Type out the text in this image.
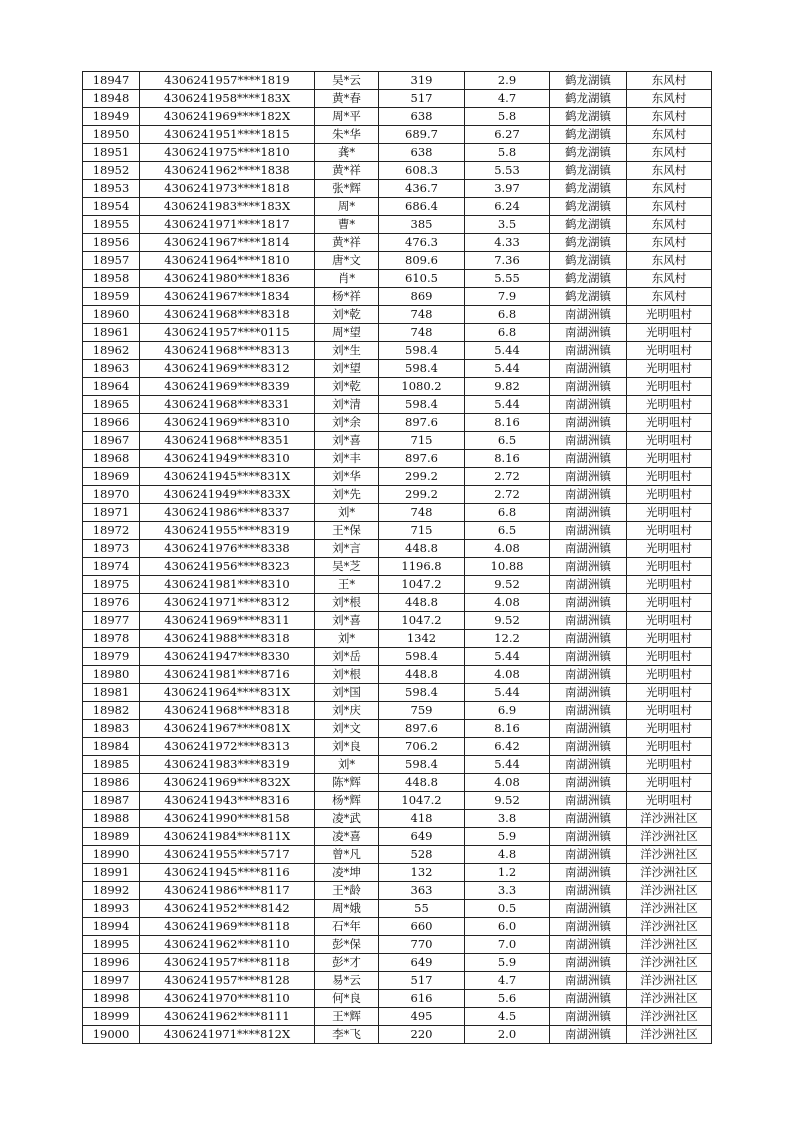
18947	4306241957****1819	吴*云	319	2.9	鹤龙湖镇	东风村
18948	4306241958****183X	黄*春	517	4.7	鹤龙湖镇	东风村
18949	4306241969****182X	周*平	638	5.8	鹤龙湖镇	东风村
18950	4306241951****1815	朱*华	689.7	6.27	鹤龙湖镇	东风村
18951	4306241975****1810	龚*	638	5.8	鹤龙湖镇	东风村
18952	4306241962****1838	黄*祥	608.3	5.53	鹤龙湖镇	东风村
18953	4306241973****1818	张*辉	436.7	3.97	鹤龙湖镇	东风村
18954	4306241983****183X	周*	686.4	6.24	鹤龙湖镇	东风村
18955	4306241971****1817	曹*	385	3.5	鹤龙湖镇	东风村
18956	4306241967****1814	黄*祥	476.3	4.33	鹤龙湖镇	东风村
18957	4306241964****1810	唐*文	809.6	7.36	鹤龙湖镇	东风村
18958	4306241980****1836	肖*	610.5	5.55	鹤龙湖镇	东风村
18959	4306241967****1834	杨*祥	869	7.9	鹤龙湖镇	东风村
18960	4306241968****8318	刘*乾	748	6.8	南湖洲镇	光明咀村
18961	4306241957****0115	周*望	748	6.8	南湖洲镇	光明咀村
18962	4306241968****8313	刘*生	598.4	5.44	南湖洲镇	光明咀村
18963	4306241969****8312	刘*望	598.4	5.44	南湖洲镇	光明咀村
18964	4306241969****8339	刘*乾	1080.2	9.82	南湖洲镇	光明咀村
18965	4306241968****8331	刘*清	598.4	5.44	南湖洲镇	光明咀村
18966	4306241969****8310	刘*余	897.6	8.16	南湖洲镇	光明咀村
18967	4306241968****8351	刘*喜	715	6.5	南湖洲镇	光明咀村
18968	4306241949****8310	刘*丰	897.6	8.16	南湖洲镇	光明咀村
18969	4306241945****831X	刘*华	299.2	2.72	南湖洲镇	光明咀村
18970	4306241949****833X	刘*先	299.2	2.72	南湖洲镇	光明咀村
18971	4306241986****8337	刘*	748	6.8	南湖洲镇	光明咀村
18972	4306241955****8319	王*保	715	6.5	南湖洲镇	光明咀村
18973	4306241976****8338	刘*言	448.8	4.08	南湖洲镇	光明咀村
18974	4306241956****8323	吴*芝	1196.8	10.88	南湖洲镇	光明咀村
18975	4306241981****8310	王*	1047.2	9.52	南湖洲镇	光明咀村
18976	4306241971****8312	刘*根	448.8	4.08	南湖洲镇	光明咀村
18977	4306241969****8311	刘*喜	1047.2	9.52	南湖洲镇	光明咀村
18978	4306241988****8318	刘*	1342	12.2	南湖洲镇	光明咀村
18979	4306241947****8330	刘*岳	598.4	5.44	南湖洲镇	光明咀村
18980	4306241981****8716	刘*根	448.8	4.08	南湖洲镇	光明咀村
18981	4306241964****831X	刘*国	598.4	5.44	南湖洲镇	光明咀村
18982	4306241968****8318	刘*庆	759	6.9	南湖洲镇	光明咀村
18983	4306241967****081X	刘*文	897.6	8.16	南湖洲镇	光明咀村
18984	4306241972****8313	刘*良	706.2	6.42	南湖洲镇	光明咀村
18985	4306241983****8319	刘*	598.4	5.44	南湖洲镇	光明咀村
18986	4306241969****832X	陈*辉	448.8	4.08	南湖洲镇	光明咀村
18987	4306241943****8316	杨*辉	1047.2	9.52	南湖洲镇	光明咀村
18988	4306241990****8158	凌*武	418	3.8	南湖洲镇	洋沙洲社区
18989	4306241984****811X	凌*喜	649	5.9	南湖洲镇	洋沙洲社区
18990	4306241955****5717	曾*凡	528	4.8	南湖洲镇	洋沙洲社区
18991	4306241945****8116	凌*坤	132	1.2	南湖洲镇	洋沙洲社区
18992	4306241986****8117	王*龄	363	3.3	南湖洲镇	洋沙洲社区
18993	4306241952****8142	周*娥	55	0.5	南湖洲镇	洋沙洲社区
18994	4306241969****8118	石*年	660	6.0	南湖洲镇	洋沙洲社区
18995	4306241962****8110	彭*保	770	7.0	南湖洲镇	洋沙洲社区
18996	4306241957****8118	彭*才	649	5.9	南湖洲镇	洋沙洲社区
18997	4306241957****8128	易*云	517	4.7	南湖洲镇	洋沙洲社区
18998	4306241970****8110	何*良	616	5.6	南湖洲镇	洋沙洲社区
18999	4306241962****8111	王*辉	495	4.5	南湖洲镇	洋沙洲社区
19000	4306241971****812X	李*飞	220	2.0	南湖洲镇	洋沙洲社区
